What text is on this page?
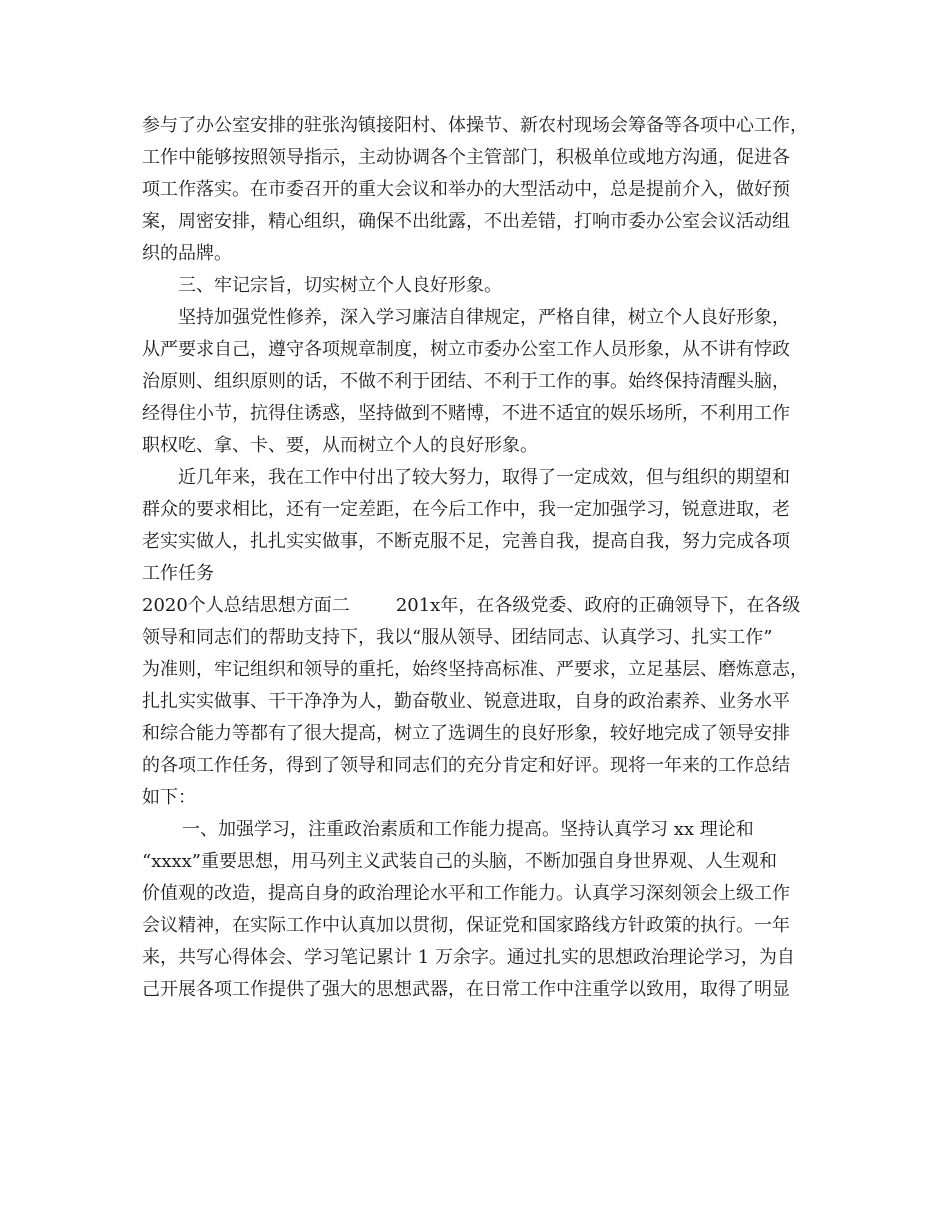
参与了办公室安排的驻张沟镇接阳村、体操节、新农村现场会筹备等各项中心工作，
工作中能够按照领导指示，主动协调各个主管部门，积极单位或地方沟通，促进各
项工作落实。在市委召开的重大会议和举办的大型活动中，总是提前介入，做好预
案，周密安排，精心组织，确保不出纰露，不出差错，打响市委办公室会议活动组
织的品牌。
三、牢记宗旨，切实树立个人良好形象。
坚持加强党性修养，深入学习廉洁自律规定，严格自律，树立个人良好形象，
从严要求自己，遵守各项规章制度，树立市委办公室工作人员形象，从不讲有悖政
治原则、组织原则的话，不做不利于团结、不利于工作的事。始终保持清醒头脑，
经得住小节，抗得住诱惑，坚持做到不赌博，不进不适宜的娱乐场所，不利用工作
职权吃、拿、卡、要，从而树立个人的良好形象。
近几年来，我在工作中付出了较大努力，取得了一定成效，但与组织的期望和
群众的要求相比，还有一定差距，在今后工作中，我一定加强学习，锐意进取，老
老实实做人，扎扎实实做事，不断克服不足，完善自我，提高自我，努力完成各项
工作任务
2020个人总结思想方面二	201x年，在各级党委、政府的正确领导下，在各级
领导和同志们的帮助支持下，我以“服从领导、团结同志、认真学习、扎实工作”
为准则，牢记组织和领导的重托，始终坚持高标准、严要求，立足基层、磨炼意志，
扎扎实实做事、干干净净为人，勤奋敬业、锐意进取，自身的政治素养、业务水平
和综合能力等都有了很大提高，树立了选调生的良好形象，较好地完成了领导安排
的各项工作任务，得到了领导和同志们的充分肯定和好评。现将一年来的工作总结
如下：
一、加强学习，注重政治素质和工作能力提高。坚持认真学习 xx 理论和
“xxxx”重要思想，用马列主义武装自己的头脑，不断加强自身世界观、人生观和
价值观的改造，提高自身的政治理论水平和工作能力。认真学习深刻领会上级工作
会议精神，在实际工作中认真加以贯彻，保证党和国家路线方针政策的执行。一年
来，共写心得体会、学习笔记累计 1 万余字。通过扎实的思想政治理论学习，为自
己开展各项工作提供了强大的思想武器，在日常工作中注重学以致用，取得了明显
